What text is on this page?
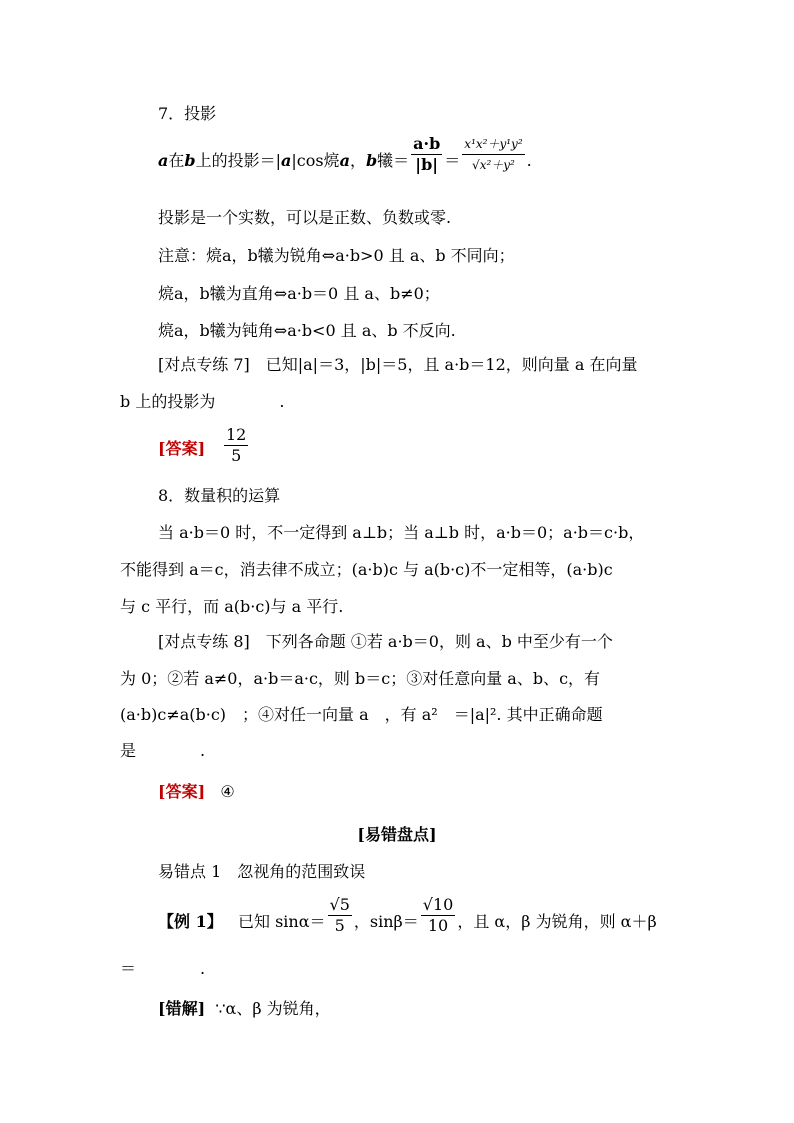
7．投影
a在b上的投影＝|a|cos煷a，b犧＝ $\frac{a\cdot b}{|b|} = \frac{\text{x¹x²＋y¹y²}}{\text{√x²＋y²}}$ .
投影是一个实数，可以是正数、负数或零.
注意：煷a，b犧为锐角⇔a·b>0 且 a、b 不同向；
煷a，b犧为直角⇔a·b＝0 且 a、b≠0；
煷a，b犧为钝角⇔a·b<0 且 a、b 不反向.
[对点专练 7]　已知|a|＝3，|b|＝5，且 a·b＝12，则向量 a 在向量
b 上的投影为　　　　.
[答案] $\frac{12}{5}$
8．数量积的运算
当 a·b＝0 时，不一定得到 a⊥b；当 a⊥b 时，a·b＝0；a·b＝c·b，
不能得到 a＝c，消去律不成立；(a·b)c 与 a(b·c)不一定相等，(a·b)c
与 c 平行，而 a(b·c)与 a 平行.
[对点专练 8]　下列各命题 ①若 a·b＝0，则 a、b 中至少有一个
为 0；②若 a≠0，a·b＝a·c，则 b＝c；③对任意向量 a、b、c，有
(a·b)c≠a(b·c)　；④对任一向量 a　，有 a²　＝|a|². 其中正确命题
是　　　　.
[答案] ④
[易错盘点]
易错点 1　忽视角的范围致误
【例 1】 已知 $\sin\alpha= \frac{√5}{5}$ ，$\sin\beta= \frac{√10}{10}$ ，且 α，β 为锐角，则 α＋β
＝　　　　.
[错解] ∵α、β 为锐角，
